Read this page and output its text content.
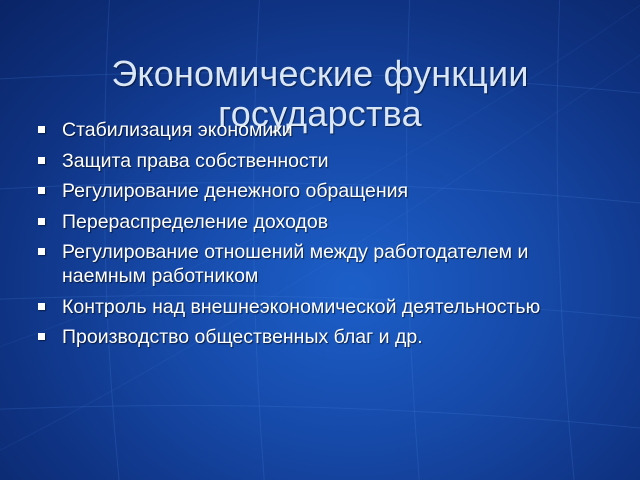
Экономические функции
государства
Стабилизация экономики
Защита права собственности
Регулирование денежного обращения
Перераспределение доходов
Регулирование отношений между работодателем и наемным работником
Контроль над внешнеэкономической деятельностью
Производство общественных благ и др.
